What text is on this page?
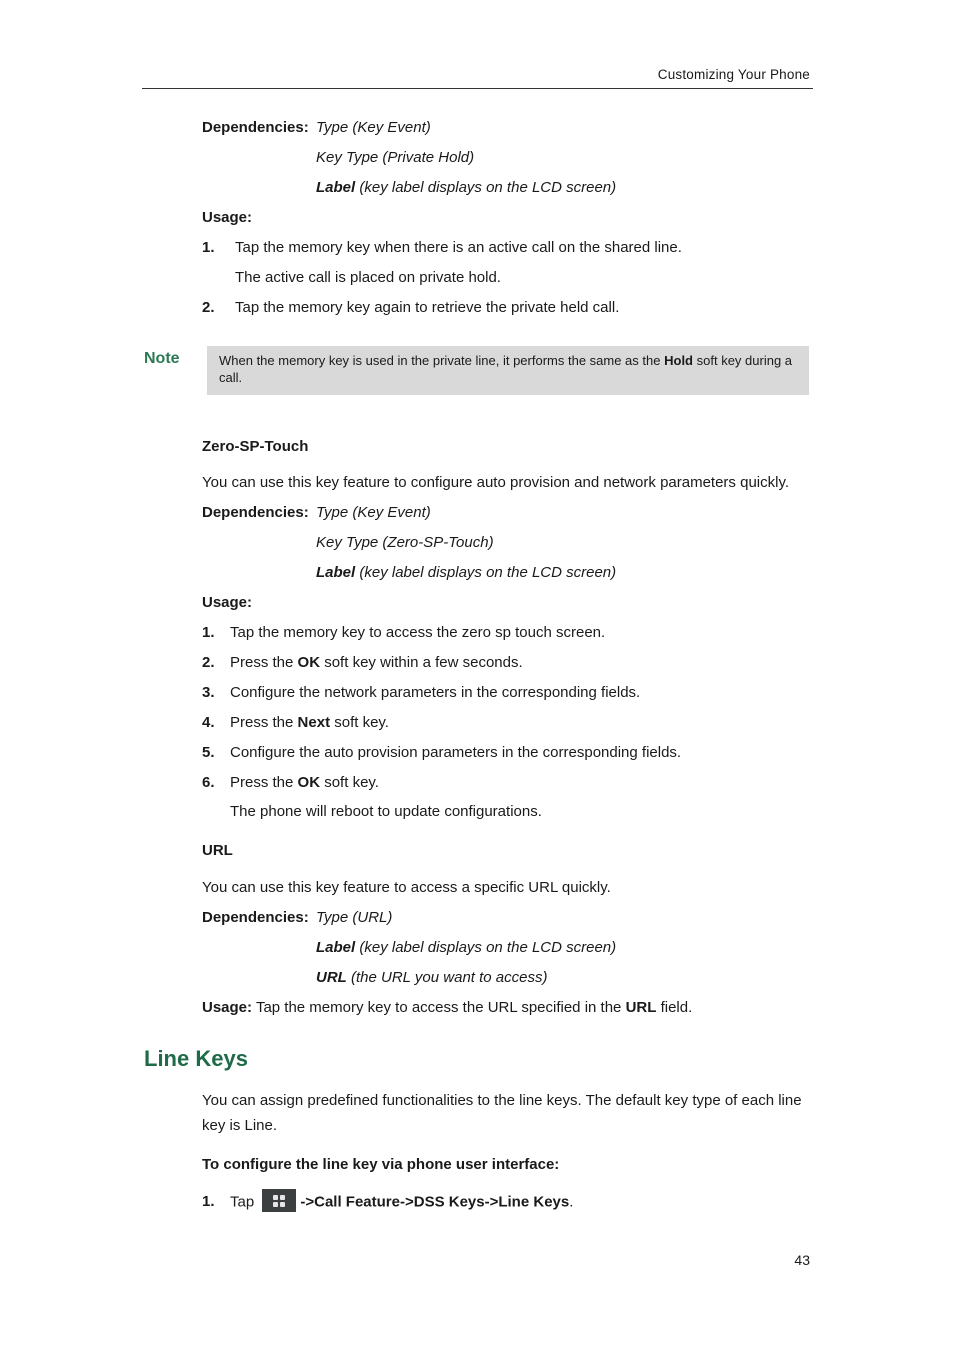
Customizing Your Phone
Dependencies: Type (Key Event)
Key Type (Private Hold)
Label (key label displays on the LCD screen)
Usage:
1. Tap the memory key when there is an active call on the shared line.
The active call is placed on private hold.
2. Tap the memory key again to retrieve the private held call.
Note	When the memory key is used in the private line, it performs the same as the Hold soft key during a call.
Zero-SP-Touch
You can use this key feature to configure auto provision and network parameters quickly.
Dependencies: Type (Key Event)
Key Type (Zero-SP-Touch)
Label (key label displays on the LCD screen)
Usage:
1. Tap the memory key to access the zero sp touch screen.
2. Press the OK soft key within a few seconds.
3. Configure the network parameters in the corresponding fields.
4. Press the Next soft key.
5. Configure the auto provision parameters in the corresponding fields.
6. Press the OK soft key.
The phone will reboot to update configurations.
URL
You can use this key feature to access a specific URL quickly.
Dependencies: Type (URL)
Label (key label displays on the LCD screen)
URL (the URL you want to access)
Usage: Tap the memory key to access the URL specified in the URL field.
Line Keys
You can assign predefined functionalities to the line keys. The default key type of each line key is Line.
To configure the line key via phone user interface:
1. Tap	->Call Feature->DSS Keys->Line Keys.
43
